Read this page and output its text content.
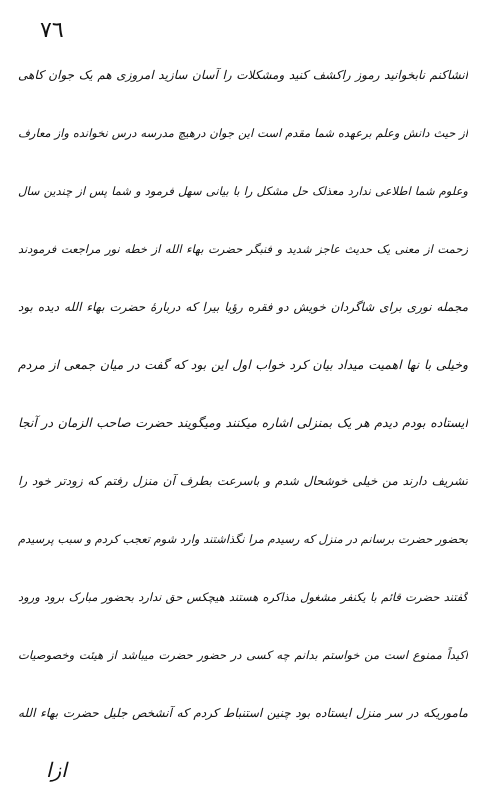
٧٦
انشاکنم نابخوانید رموز راکشف کنید ومشکلات را آسان سازید امروزی هم یک جوان کاهی
از حیث دانش وعلم برعهده شما مقدم است این جوان درهیچ مدرسه درس نخوانده واز معارف
وعلوم شما اطلاعی ندارد معذلک حل مشکل را با بیانی سهل فرمود و شما پس از چندین سال
زحمت از معنی یک حدیث عاجز شدید و فنبگر حضرت بهاء الله از خطه نور مراجعت فرمودند
مجمله نوری برای شاگردان خویش دو فقره رؤیا بیرا که دربارهٔ حضرت بهاء الله دیده بود
وخیلی با نها اهمیت میداد بیان کرد خواب اول این بود که گفت در میان جمعی از مردم
ایستاده بودم دیدم هر یک بمنزلی اشاره میکنند ومیگویند حضرت صاحب الزمان در آنجا
تشریف دارند من خیلی خوشحال شدم و باسرعت بطرف آن منزل رفتم که زودتر خود را
بحضور حضرت برسانم در منزل که رسیدم مرا نگذاشتند وارد شوم تعجب کردم و سبب پرسیدم
گفتند حضرت قائم با یکنفر مشغول مذاکره هستند هیچکس حق ندارد بحضور مبارک برود ورود
اکیداً ممنوع است من خواستم بدانم چه کسی در حضور حضرت میباشد از هیئت وخصوصیات
ماموریکه در سر منزل ایستاده بود چنین استنباط کردم که آنشخص جلیل حضرت بهاء الله
ازا
